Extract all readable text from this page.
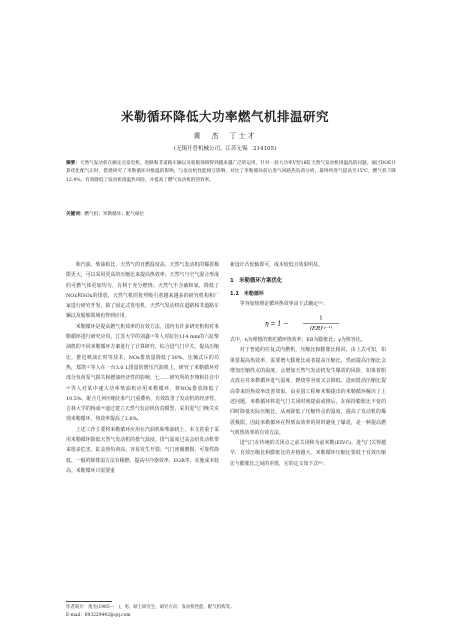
米勒循环降低大功率燃气机排温研究
黄　杰　丁士才
(无锡开普机械公司，江苏无锡　214105)
摘要：天然气发动机在额定点发电机、进路和非道路车辆以及船舶领域得到越来越广泛的运用，针对一款大功率V型16缸天然气发动机排温高的问题，通过DOE计算优化配气正时，搭建研究了米勒循环对排温的影响，与发动机性能相互影响，对比了米勒循环前后进气回路热负荷分析，最终将进气提高至15℃，燃气机下降12.4%，有效降低了发动机排温热风险，并提高了燃气发动机的热效率。
关键词：燃气机；米勒循环；配气相位

和汽油、柴油相比，天然气的自燃温度高，天然气发动机的爆震极限更大，可以采用更高的压缩比来提高热效率；天然气与空气混合形成的可燃气体更加均匀，有利于充分燃烧；天然气不含硫和氮，降低了NOx和SOx的排放，天然气机的优势吸引着越来越多的研究机构和厂家进行研究开发，除了固定式发电机，天然气发动机在道路和非道路车辆以及船舶领域也得到应用。

米勒循环是提高燃气机效率的有效方法，国内有许多研究机构对米勒循环进行研究应用，江苏大学的刘鑫⁽¹⁾等人对缸径114 mm的六缸柴油机的不同米勒循环方案进行了计算研究，综合进气门早关，提高压缩比，推迟喷油正时等技术，NOx排放量降低了30%，比械式斥的功热，郑凯⁽²⁾等人在一台3.0 L排量的增压汽油机上，研究了米勒循环对部分负荷泵气损失和燃油经济性的影响，七……研究所的李翔和任自中⁽³⁾等人对某中速大功率柴油机应用米勒循环，将NOx排放降低了10.5%，配合几何压缩比和气门重叠角，有效改善了发动机的经济性。吉林大学的杨成⁽⁴⁾通过建立天然气发动机仿真模型，采用进气门晚关实现米勒循环，热效率提高了2.6%。

上述工作主要将米勒循环应用在汽油机和柴油机上，本文着重于采用米勒循环降低天然气发动机的排气温度。排气温度过高会给发动机带来很多危害，缸盖热负荷高，容易发生开裂；气门座圈磨损，可靠性降低。一般的降排温方法有稀燃、提高中冷器效率、EGR等，实施成本较高。米勒循环只需要重

新设计凸轮轴即可，成本较低且效果明显。

1　米勒循环方案优化
1.1　米勒循环

等容加热理论循环热效率由下式确定⁽⁵⁾：

η = 1 −
1
(ER)⁽ᵞ⁻¹⁾

式中，η为理想的奥托循环热效率；ER为膨胀比；γ为热容比。

对于普通的往复式内燃机，压缩比和膨胀比相同。由上式可知，如果要提高热效率，需要增大膨胀比或者提高压缩比，然而提高压缩比会增加压缩终点的温度，会增加天然气发动机发生爆震的风险，如果着眼点放在对米勒循环进气温度，燃烧等容度又会降低，进而抵消压缩比提高带来的热效率改善效果。由美国工程师米勒提出的米勒循环解决了上述问题。米勒循环将进气门关闭时刻提前或推后，在保持膨胀比不变的同时降低实际压缩比，从而降低了压缩终点的温度，提高了发动机的爆震极限。因此米勒循环在得到高效率的同时避免了爆震，是一种提高燃气机热效率的有效方法。

进气门在传统的关闭点之前关闭称为前米勒(EIVC)，进气门关得越早，有效压缩比和膨胀比的差值越大。米勒循环压缩比要低于有效压缩比与膨胀比之间的差值，它的定义如下式⁽⁶⁾：

作者简介：黄杰(1985—　)，男，硕士研究生，研究方向：发动机性能、配气机构等。
E-mail：693229442@qq.com
